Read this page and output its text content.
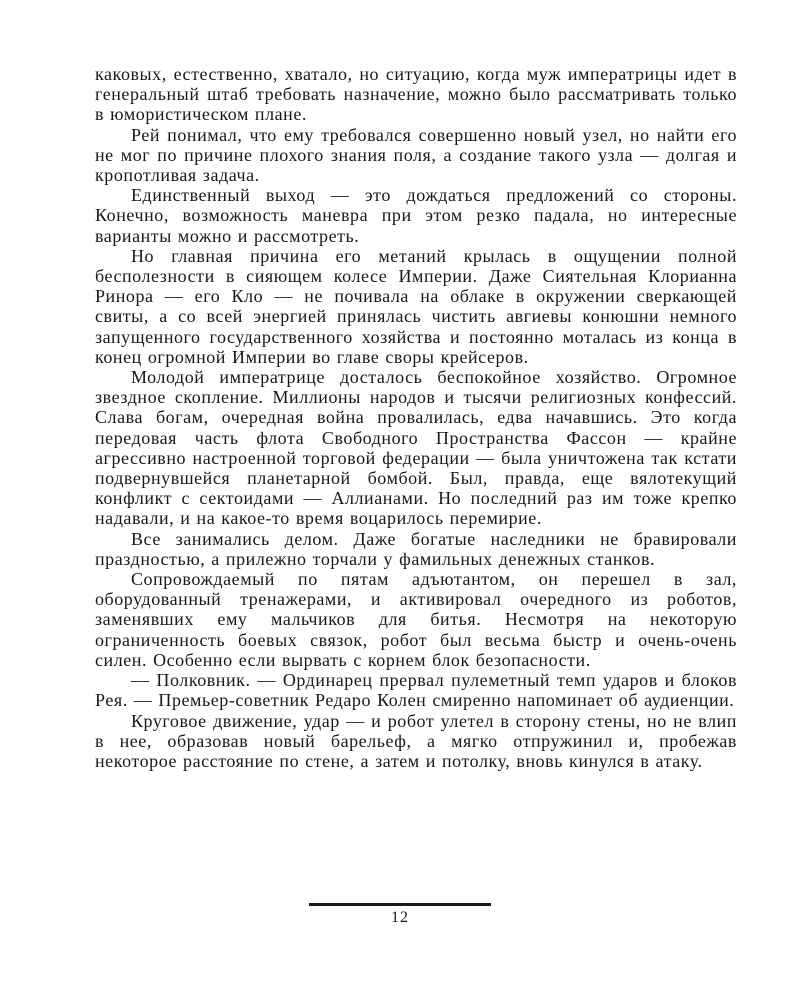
каковых, естественно, хватало, но ситуацию, когда муж императрицы идет в генеральный штаб требовать назначение, можно было рассматривать только в юмористическом плане.

Рей понимал, что ему требовался совершенно новый узел, но найти его не мог по причине плохого знания поля, а создание такого узла — долгая и кропотливая задача.

Единственный выход — это дождаться предложений со стороны. Конечно, возможность маневра при этом резко падала, но интересные варианты можно и рассмотреть.

Но главная причина его метаний крылась в ощущении полной бесполезности в сияющем колесе Империи. Даже Сиятельная Клорианна Ринора — его Кло — не почивала на облаке в окружении сверкающей свиты, а со всей энергией принялась чистить авгиевы конюшни немного запущенного государственного хозяйства и постоянно моталась из конца в конец огромной Империи во главе своры крейсеров.

Молодой императрице досталось беспокойное хозяйство. Огромное звездное скопление. Миллионы народов и тысячи религиозных конфессий. Слава богам, очередная война провалилась, едва начавшись. Это когда передовая часть флота Свободного Пространства Фассон — крайне агрессивно настроенной торговой федерации — была уничтожена так кстати подвернувшейся планетарной бомбой. Был, правда, еще вялотекущий конфликт с сектоидами — Аллианами. Но последний раз им тоже крепко надавали, и на какое-то время воцарилось перемирие.

Все занимались делом. Даже богатые наследники не бравировали праздностью, а прилежно торчали у фамильных денежных станков.

Сопровождаемый по пятам адъютантом, он перешел в зал, оборудованный тренажерами, и активировал очередного из роботов, заменявших ему мальчиков для битья. Несмотря на некоторую ограниченность боевых связок, робот был весьма быстр и очень-очень силен. Особенно если вырвать с корнем блок безопасности.

— Полковник. — Ординарец прервал пулеметный темп ударов и блоков Рея. — Премьер-советник Редаро Колен смиренно напоминает об аудиенции.

Круговое движение, удар — и робот улетел в сторону стены, но не влип в нее, образовав новый барельеф, а мягко отпружинил и, пробежав некоторое расстояние по стене, а затем и потолку, вновь кинулся в атаку.

12
